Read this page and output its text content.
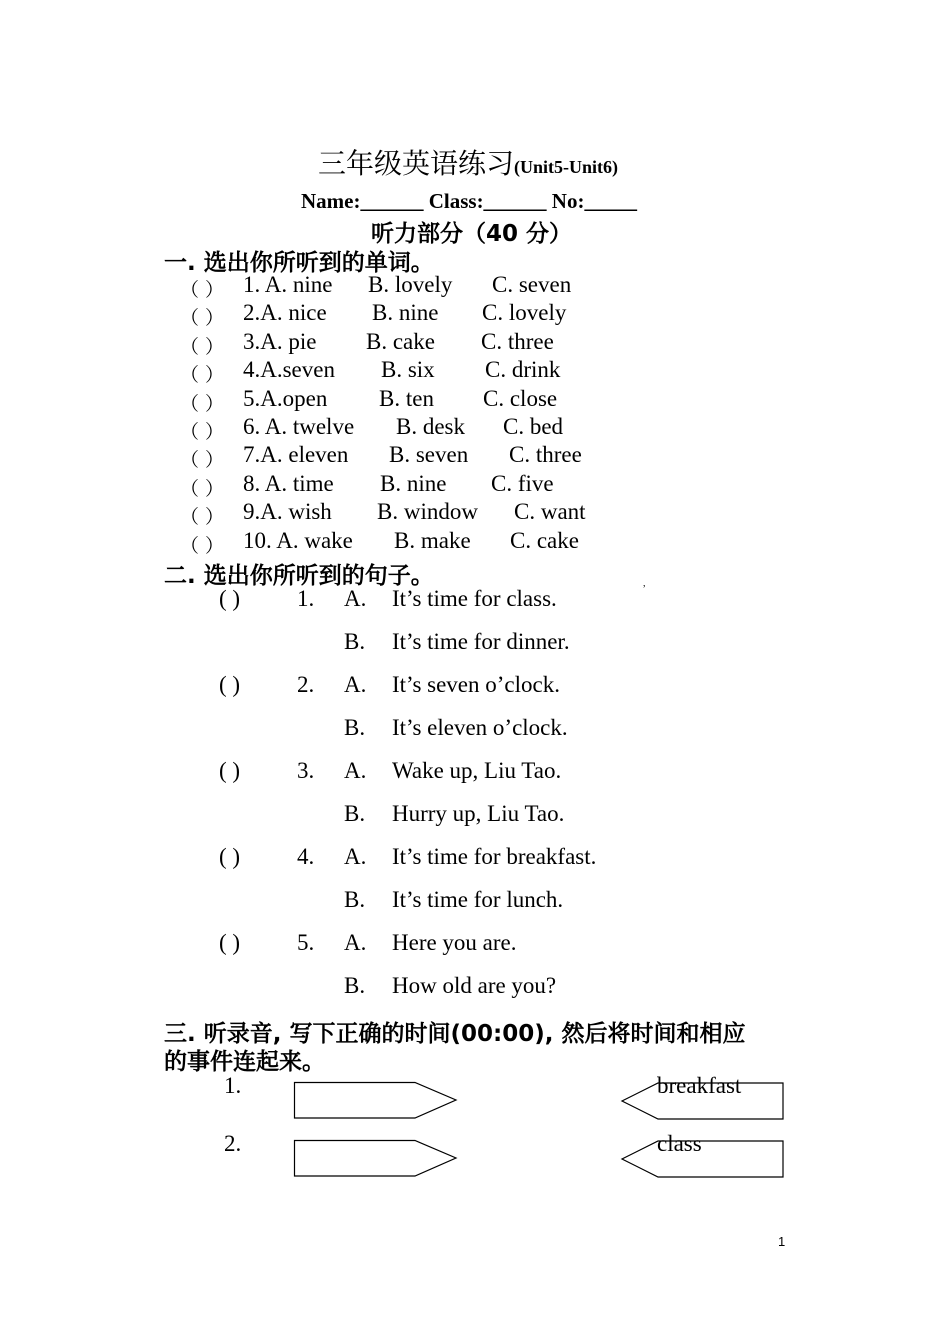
三年级英语练习(Unit5-Unit6)
Name:______ Class:______ No:_____
听力部分（40 分）
一. 选出你所听到的单词。
（ ） 1. A. nine B. lovely C. seven
（ ） 2.A. nice B. nine C. lovely
（ ） 3.A. pie B. cake C. three
（ ） 4.A.seven B. six C. drink
（ ） 5.A.open B. ten C. close
（ ） 6. A. twelve B. desk C. bed
（ ） 7.A. eleven B. seven C. three
（ ） 8. A. time B. nine C. five
（ ） 9.A. wish B. window C. want
（ ） 10. A. wake B. make C. cake
二. 选出你所听到的句子。	,
( ) 1. A. It’s time for class.
B. It’s time for dinner.
( ) 2. A. It’s seven o’clock.
B. It’s eleven o’clock.
( ) 3. A. Wake up, Liu Tao.
B. Hurry up, Liu Tao.
( ) 4. A. It’s time for breakfast.
B. It’s time for lunch.
( ) 5. A. Here you are.
B. How old are you?
三. 听录音, 写下正确的时间(00:00), 然后将时间和相应
的事件连起来。
1.	breakfast
2.	class
1
